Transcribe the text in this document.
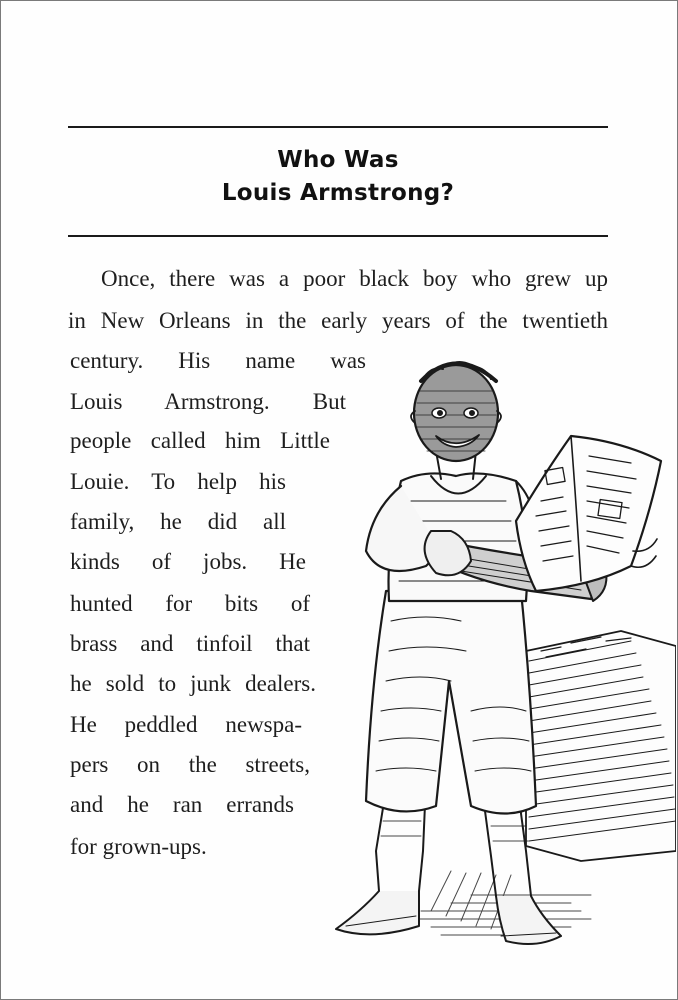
Who Was
Louis Armstrong?
Once, there was a poor black boy who grew up
in New Orleans in the early years of the twentieth
century. His name was
Louis Armstrong. But
people called him Little
Louie. To help his
family, he did all
kinds of jobs. He
hunted for bits of
brass and tinfoil that
he sold to junk dealers.
He peddled newspa-
pers on the streets,
and he ran errands
for grown-ups.
